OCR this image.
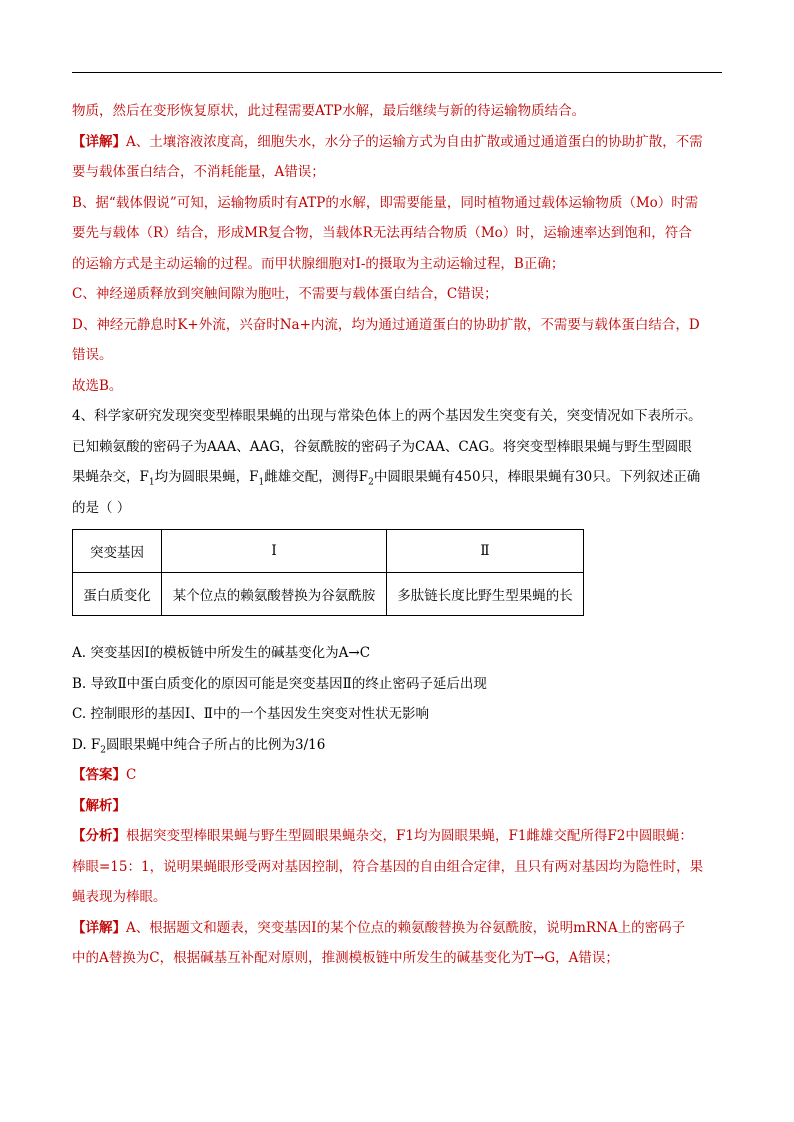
物质，然后在变形恢复原状，此过程需要ATP水解，最后继续与新的待运输物质结合。
【详解】A、土壤溶液浓度高，细胞失水，水分子的运输方式为自由扩散或通过通道蛋白的协助扩散，不需
要与载体蛋白结合，不消耗能量，A错误；
B、据“载体假说”可知，运输物质时有ATP的水解，即需要能量，同时植物通过载体运输物质（Mo）时需
要先与载体（R）结合，形成MR复合物，当载体R无法再结合物质（Mo）时，运输速率达到饱和，符合
的运输方式是主动运输的过程。而甲状腺细胞对I-的摄取为主动运输过程，B正确；
C、神经递质释放到突触间隙为胞吐，不需要与载体蛋白结合，C错误；
D、神经元静息时K+外流，兴奋时Na+内流，均为通过通道蛋白的协助扩散，不需要与载体蛋白结合，D
错误。
故选B。
4、科学家研究发现突变型棒眼果蝇的出现与常染色体上的两个基因发生突变有关，突变情况如下表所示。
已知赖氨酸的密码子为AAA、AAG，谷氨酰胺的密码子为CAA、CAG。将突变型棒眼果蝇与野生型圆眼
果蝇杂交，$F_1$均为圆眼果蝇，$F_1$雌雄交配，测得$F_2$中圆眼果蝇有450只，棒眼果蝇有30只。下列叙述正确
的是（ ）
突变基因	Ⅰ	Ⅱ
蛋白质变化	某个位点的赖氨酸替换为谷氨酰胺	多肽链长度比野生型果蝇的长
A. 突变基因Ⅰ的模板链中所发生的碱基变化为A→C
B. 导致Ⅱ中蛋白质变化的原因可能是突变基因Ⅱ的终止密码子延后出现
C. 控制眼形的基因Ⅰ、Ⅱ中的一个基因发生突变对性状无影响
D. $F_2$圆眼果蝇中纯合子所占的比例为3/16
【答案】C
【解析】
【分析】根据突变型棒眼果蝇与野生型圆眼果蝇杂交，F1均为圆眼果蝇，F1雌雄交配所得F2中圆眼蝇：
棒眼=15：1，说明果蝇眼形受两对基因控制，符合基因的自由组合定律，且只有两对基因均为隐性时，果
蝇表现为棒眼。
【详解】A、根据题文和题表，突变基因Ⅰ的某个位点的赖氨酸替换为谷氨酰胺，说明mRNA上的密码子
中的A替换为C，根据碱基互补配对原则，推测模板链中所发生的碱基变化为T→G，A错误；
